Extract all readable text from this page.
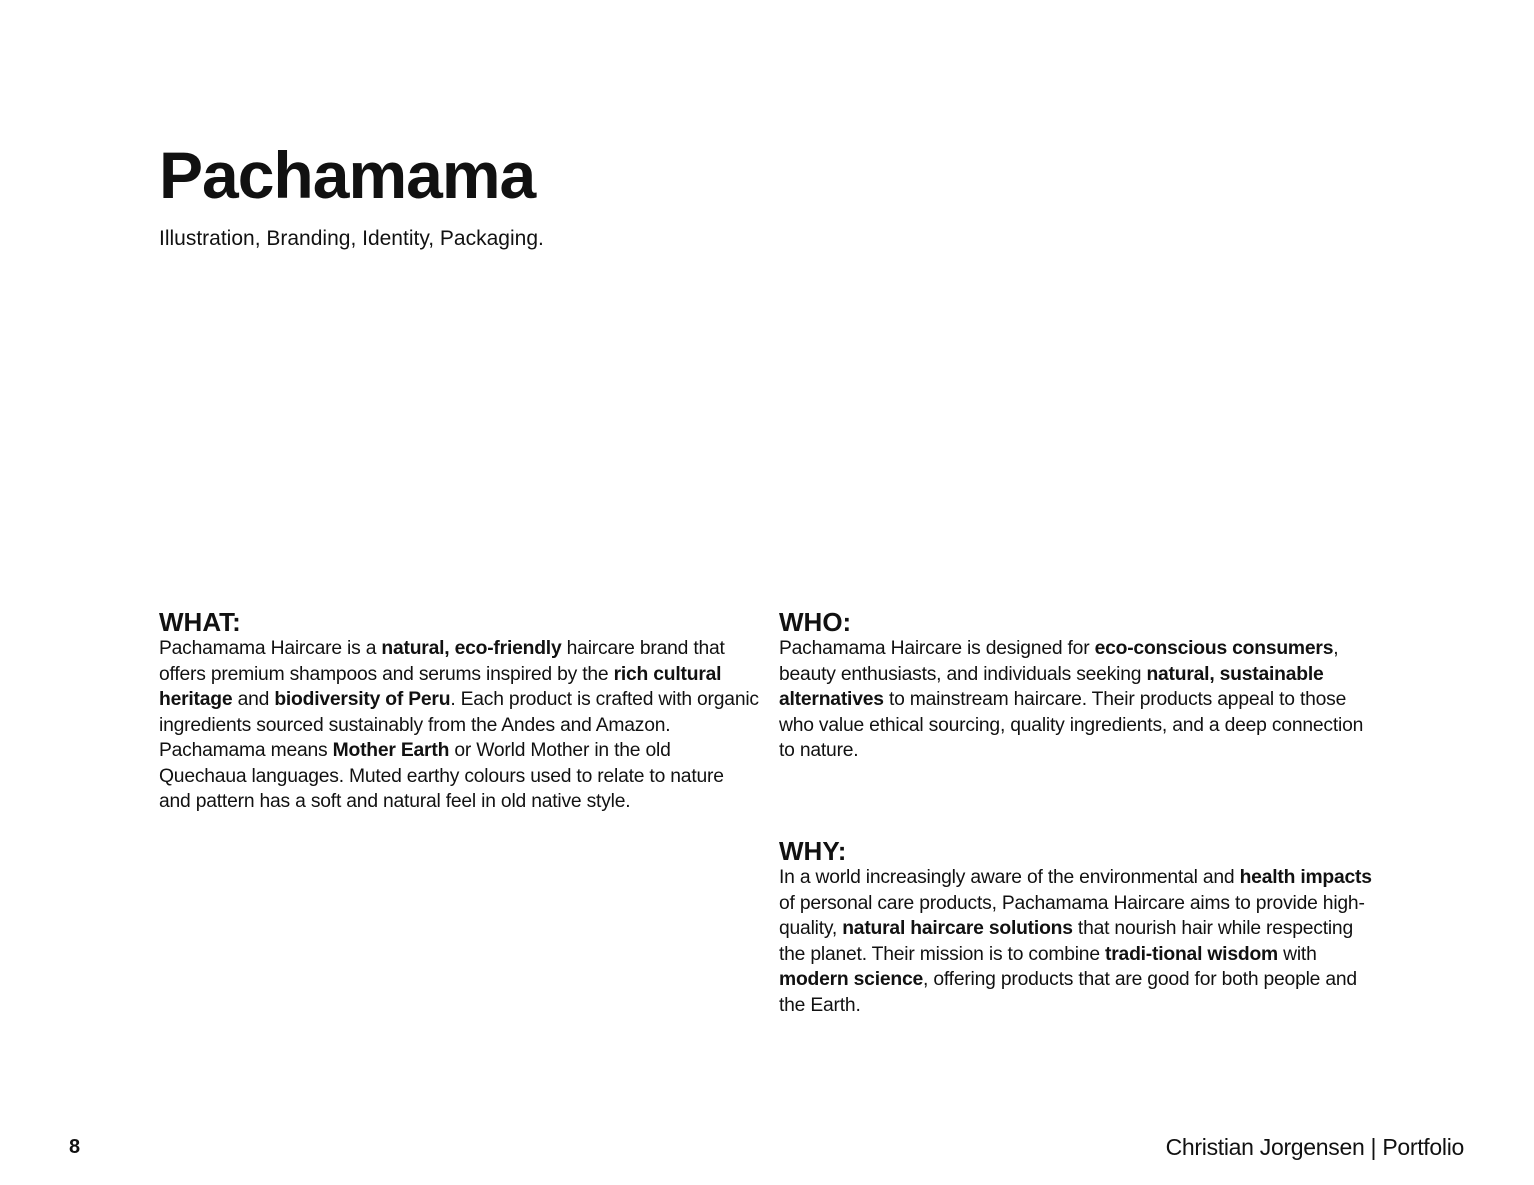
Pachamama

Illustration, Branding, Identity, Packaging.

WHAT:

Pachamama Haircare is a natural, eco-friendly haircare brand that offers premium shampoos and serums inspired by the rich cultural heritage and biodiversity of Peru. Each product is crafted with organic ingredients sourced sustainably from the Andes and Amazon. Pachamama means Mother Earth or World Mother in the old Quechaua languages. Muted earthy colours used to relate to nature and pattern has a soft and natural feel in old native style.

WHO:

Pachamama Haircare is designed for eco-conscious consumers, beauty enthusiasts, and individuals seeking natural, sustainable alternatives to mainstream haircare. Their products appeal to those who value ethical sourcing, quality ingredients, and a deep connection to nature.

WHY:

In a world increasingly aware of the environmental and health impacts of personal care products, Pachamama Haircare aims to provide high-quality, natural haircare solutions that nourish hair while respecting the planet. Their mission is to combine tradi-tional wisdom with modern science, offering products that are good for both people and the Earth.

8	Christian Jorgensen | Portfolio
